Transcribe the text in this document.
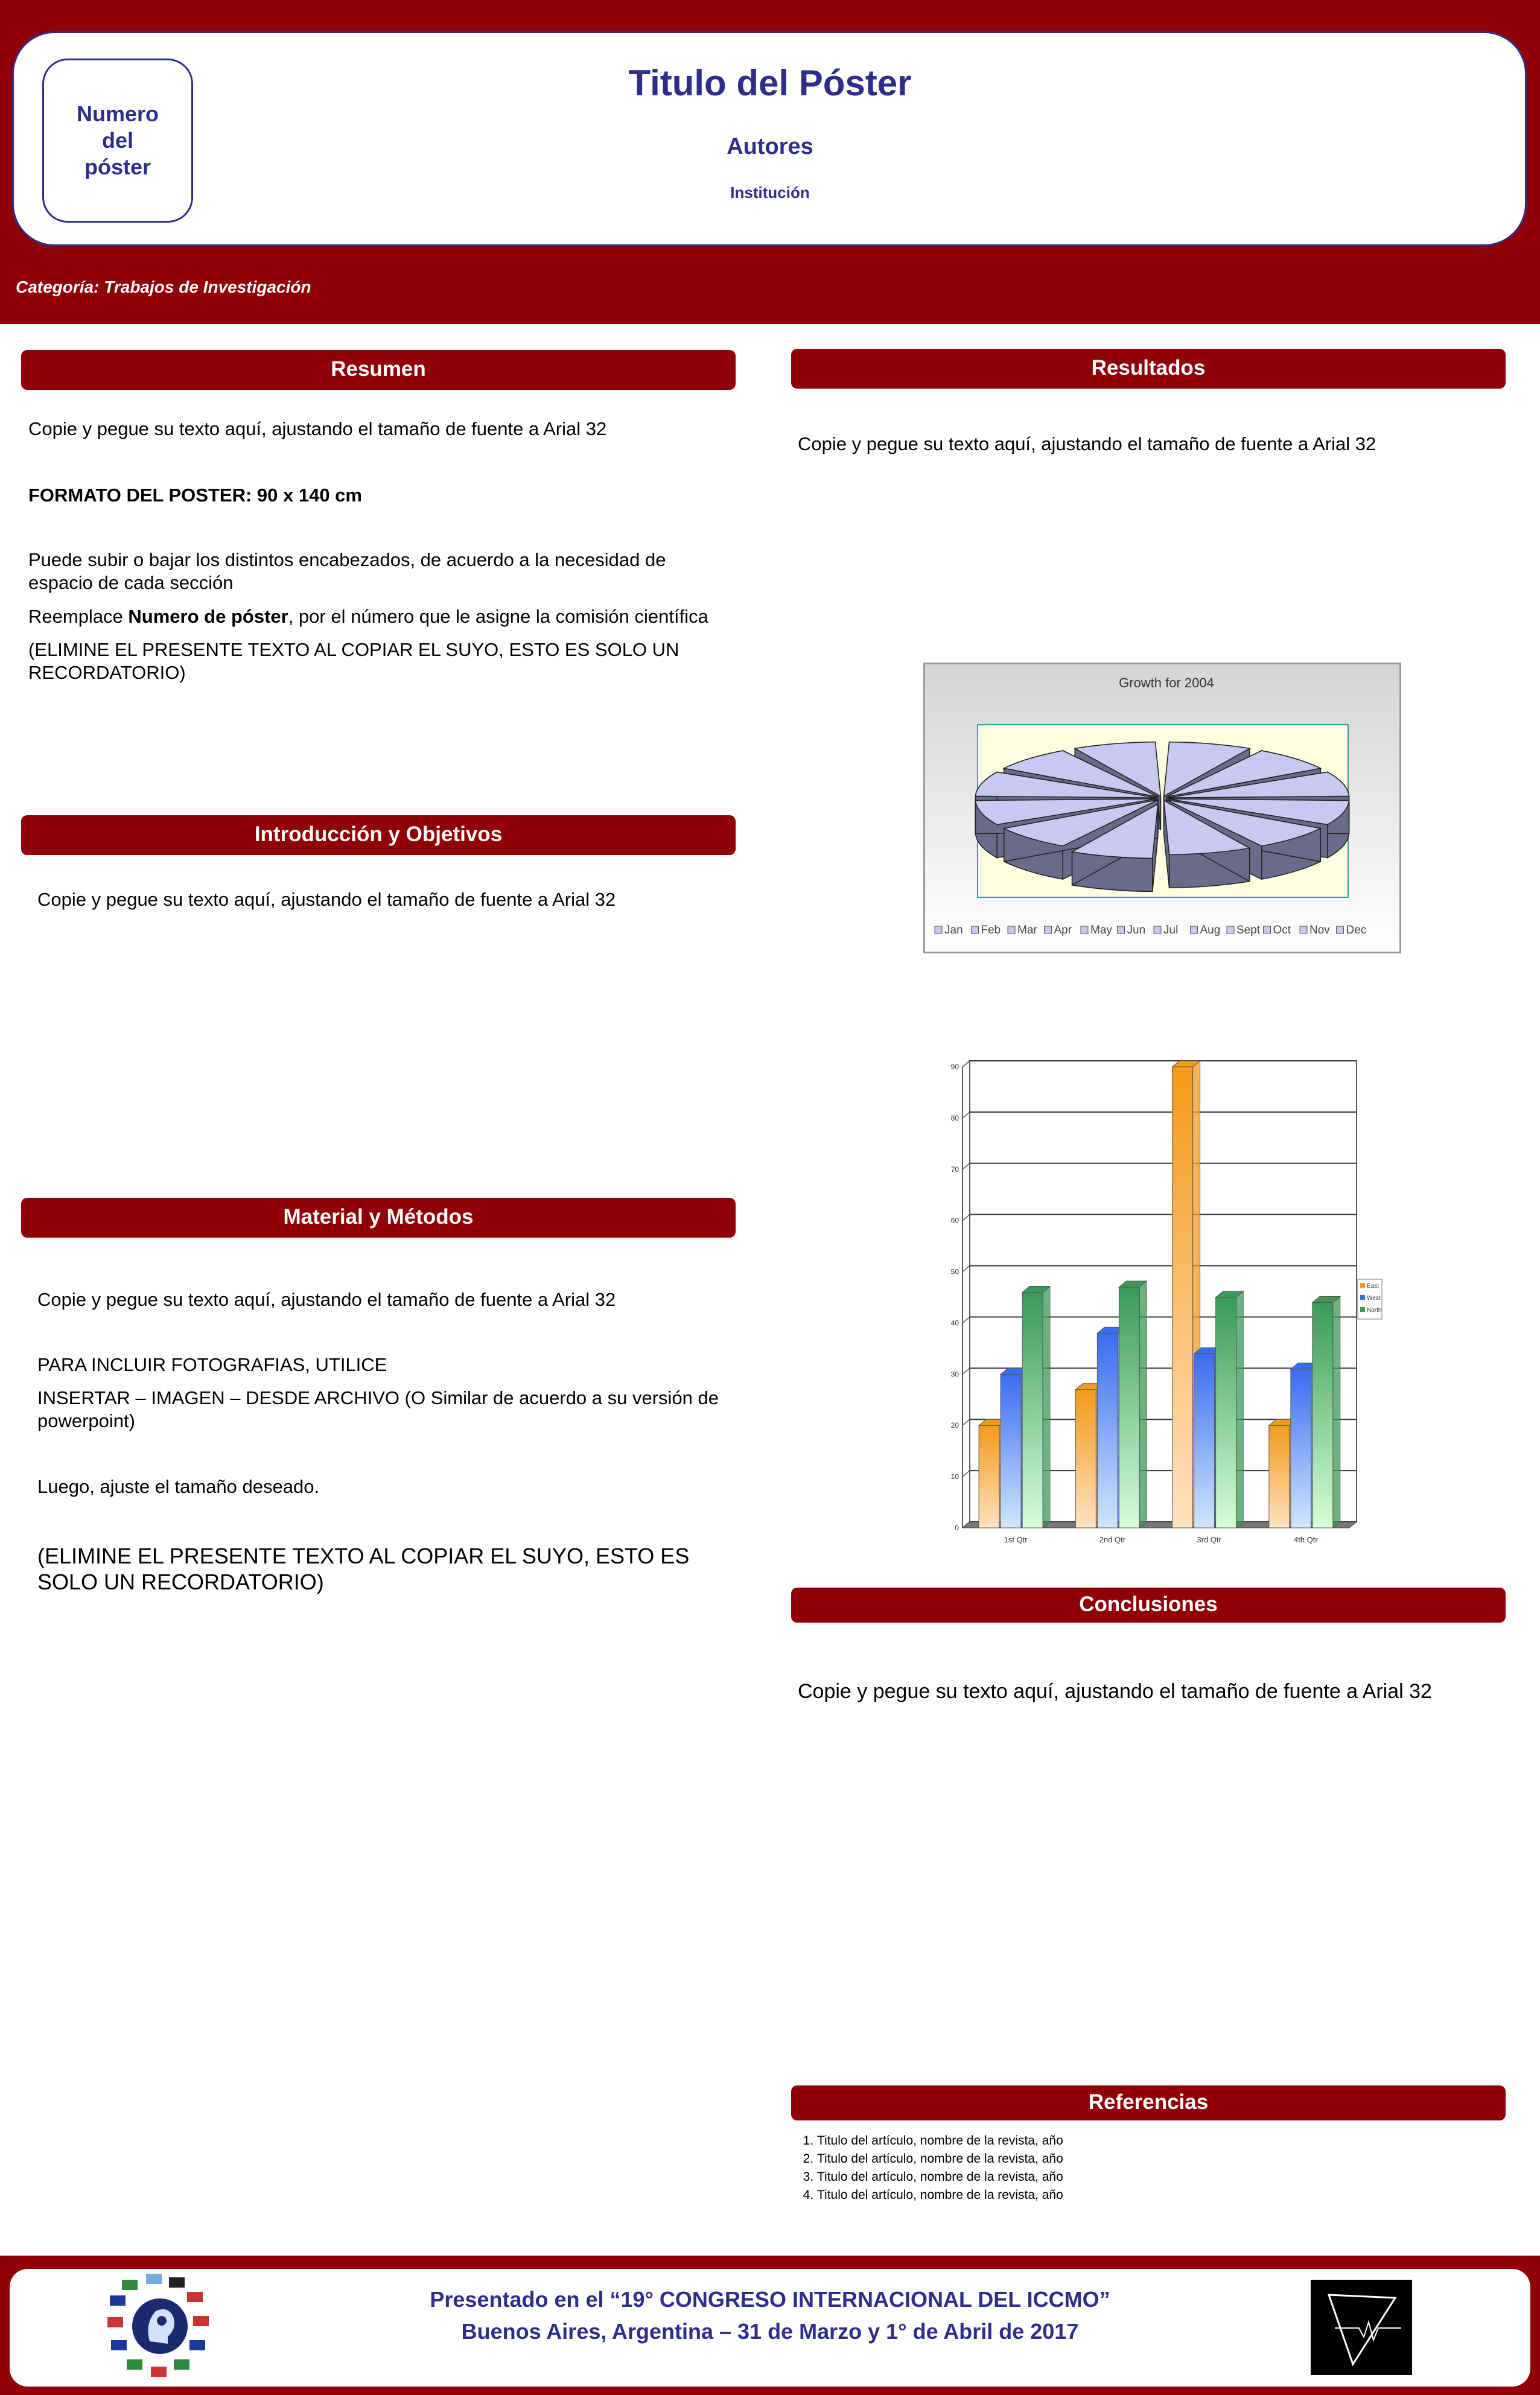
Numero
del
póster
Titulo del Póster
Autores
Institución
Categoría: Trabajos de Investigación
Resumen
Copie y pegue su texto aquí, ajustando el tamaño de fuente a Arial 32
FORMATO DEL POSTER: 90 x 140 cm
Puede subir o bajar los distintos encabezados, de acuerdo a la necesidad de espacio de cada sección
Reemplace Numero de póster, por el número que le asigne la comisión científica
(ELIMINE EL PRESENTE TEXTO AL COPIAR EL SUYO, ESTO ES SOLO UN RECORDATORIO)
Introducción y Objetivos
Copie y pegue su texto aquí, ajustando el tamaño de fuente a Arial 32
Material y Métodos
Copie y pegue su texto aquí, ajustando el tamaño de fuente a Arial 32
PARA INCLUIR FOTOGRAFIAS, UTILICE
INSERTAR – IMAGEN – DESDE ARCHIVO (O Similar de acuerdo a su versión de powerpoint)
Luego, ajuste el tamaño deseado.
(ELIMINE EL PRESENTE TEXTO AL COPIAR EL SUYO, ESTO ES SOLO UN RECORDATORIO)
Resultados
Copie y pegue su texto aquí, ajustando el tamaño de fuente a Arial 32
Growth for 2004
Jan Feb Mar Apr May Jun Jul Aug Sept Oct Nov Dec
0
10
20
30
40
50
60
70
80
90
1st Qtr	2nd Qtr	3rd Qtr	4th Qtr
East
West
North
Conclusiones
Copie y pegue su texto aquí, ajustando el tamaño de fuente a Arial 32
Referencias
1. Titulo del artículo, nombre de la revista, año
2. Titulo del artículo, nombre de la revista, año
3. Titulo del artículo, nombre de la revista, año
4. Titulo del artículo, nombre de la revista, año
Presentado en el “19° CONGRESO INTERNACIONAL DEL ICCMO”
Buenos Aires, Argentina – 31 de Marzo y 1° de Abril de 2017
